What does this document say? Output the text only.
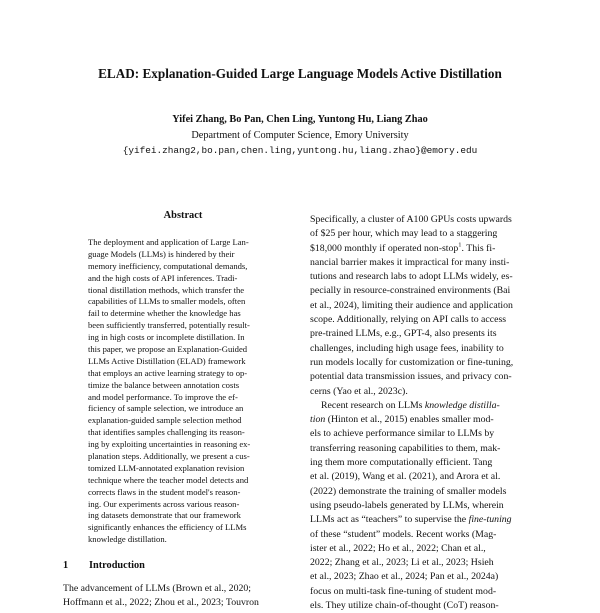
ELAD: Explanation-Guided Large Language Models Active Distillation
Yifei Zhang, Bo Pan, Chen Ling, Yuntong Hu, Liang Zhao
Department of Computer Science, Emory University
{yifei.zhang2,bo.pan,chen.ling,yuntong.hu,liang.zhao}@emory.edu
Abstract
The deployment and application of Large Lan-
guage Models (LLMs) is hindered by their
memory inefficiency, computational demands,
and the high costs of API inferences. Tradi-
tional distillation methods, which transfer the
capabilities of LLMs to smaller models, often
fail to determine whether the knowledge has
been sufficiently transferred, potentially result-
ing in high costs or incomplete distillation. In
this paper, we propose an Explanation-Guided
LLMs Active Distillation (ELAD) framework
that employs an active learning strategy to op-
timize the balance between annotation costs
and model performance. To improve the ef-
ficiency of sample selection, we introduce an
explanation-guided sample selection method
that identifies samples challenging its reason-
ing by exploiting uncertainties in reasoning ex-
planation steps. Additionally, we present a cus-
tomized LLM-annotated explanation revision
technique where the teacher model detects and
corrects flaws in the student model's reason-
ing. Our experiments across various reason-
ing datasets demonstrate that our framework
significantly enhances the efficiency of LLMs
knowledge distillation.
1 Introduction
The advancement of LLMs (Brown et al., 2020;
Hoffmann et al., 2022; Zhou et al., 2023; Touvron
Specifically, a cluster of A100 GPUs costs upwards
of $25 per hour, which may lead to a staggering
$18,000 monthly if operated non-stop$^1$. This fi-
nancial barrier makes it impractical for many insti-
tutions and research labs to adopt LLMs widely, es-
pecially in resource-constrained environments (Bai
et al., 2024), limiting their audience and application
scope. Additionally, relying on API calls to access
pre-trained LLMs, e.g., GPT-4, also presents its
challenges, including high usage fees, inability to
run models locally for customization or fine-tuning,
potential data transmission issues, and privacy con-
cerns (Yao et al., 2023c).
Recent research on LLMs knowledge distilla-
tion (Hinton et al., 2015) enables smaller mod-
els to achieve performance similar to LLMs by
transferring reasoning capabilities to them, mak-
ing them more computationally efficient. Tang
et al. (2019), Wang et al. (2021), and Arora et al.
(2022) demonstrate the training of smaller models
using pseudo-labels generated by LLMs, wherein
LLMs act as “teachers” to supervise the fine-tuning
of these “student” models. Recent works (Mag-
ister et al., 2022; Ho et al., 2022; Chan et al.,
2022; Zhang et al., 2023; Li et al., 2023; Hsieh
et al., 2023; Zhao et al., 2024; Pan et al., 2024a)
focus on multi-task fine-tuning of student mod-
els. They utilize chain-of-thought (CoT) reason-
